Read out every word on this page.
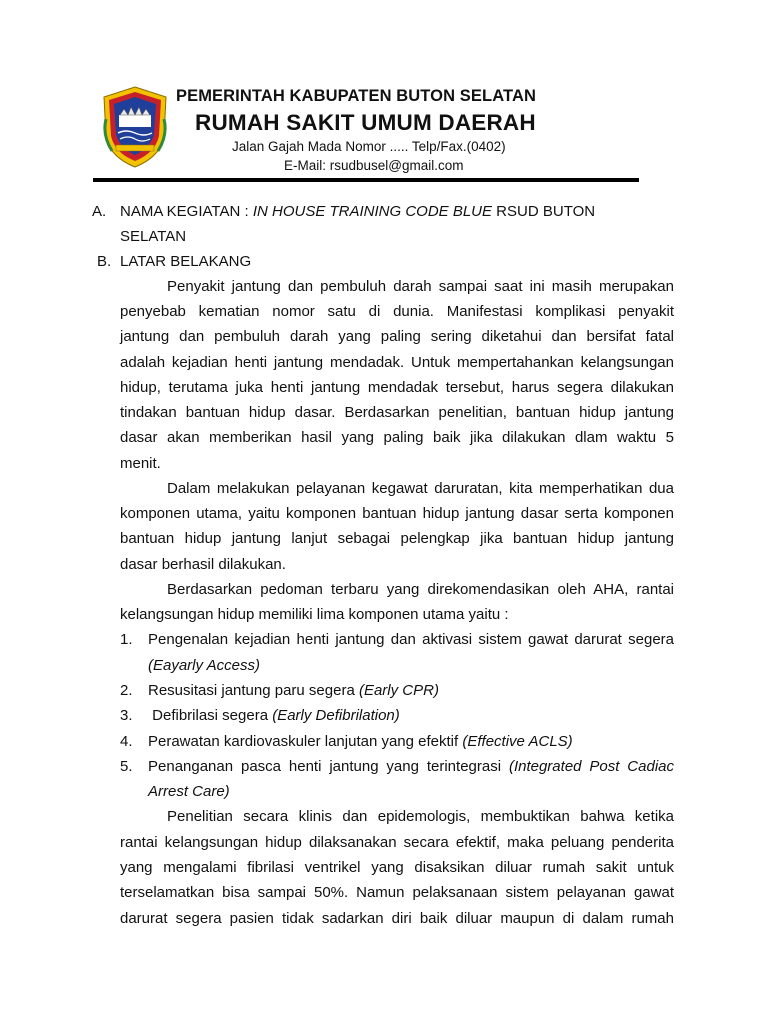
PEMERINTAH KABUPATEN BUTON SELATAN
RUMAH SAKIT UMUM DAERAH
Jalan Gajah Mada Nomor ..... Telp/Fax.(0402)
E-Mail: rsudbusel@gmail.com
A. NAMA KEGIATAN : IN HOUSE TRAINING CODE BLUE RSUD BUTON
SELATAN
B. LATAR BELAKANG
Penyakit jantung dan pembuluh darah sampai saat ini masih merupakan
penyebab kematian nomor satu di dunia. Manifestasi komplikasi penyakit
jantung dan pembuluh darah yang paling sering diketahui dan bersifat fatal
adalah kejadian henti jantung mendadak. Untuk mempertahankan kelangsungan
hidup, terutama juka henti jantung mendadak tersebut, harus segera dilakukan
tindakan bantuan hidup dasar. Berdasarkan penelitian, bantuan hidup jantung
dasar akan memberikan hasil yang paling baik jika dilakukan dlam waktu 5
menit.
Dalam melakukan pelayanan kegawat daruratan, kita memperhatikan dua
komponen utama, yaitu komponen bantuan hidup jantung dasar serta komponen
bantuan hidup jantung lanjut sebagai pelengkap jika bantuan hidup jantung
dasar berhasil dilakukan.
Berdasarkan pedoman terbaru yang direkomendasikan oleh AHA, rantai
kelangsungan hidup memiliki lima komponen utama yaitu :
1. Pengenalan kejadian henti jantung dan aktivasi sistem gawat darurat segera
(Eayarly Access)
2. Resusitasi jantung paru segera (Early CPR)
3. Defibrilasi segera (Early Defibrilation)
4. Perawatan kardiovaskuler lanjutan yang efektif (Effective ACLS)
5. Penanganan pasca henti jantung yang terintegrasi (Integrated Post Cadiac
Arrest Care)
Penelitian secara klinis dan epidemologis, membuktikan bahwa ketika
rantai kelangsungan hidup dilaksanakan secara efektif, maka peluang penderita
yang mengalami fibrilasi ventrikel yang disaksikan diluar rumah sakit untuk
terselamatkan bisa sampai 50%. Namun pelaksanaan sistem pelayanan gawat
darurat segera pasien tidak sadarkan diri baik diluar maupun di dalam rumah
